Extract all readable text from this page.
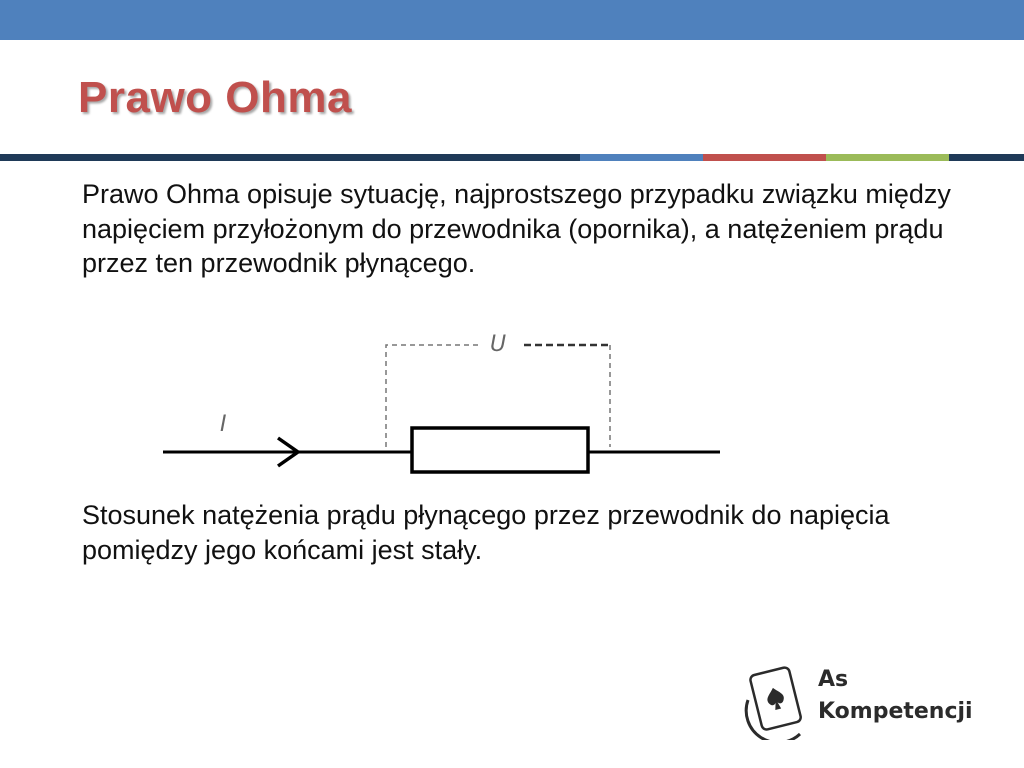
Prawo Ohma

Prawo Ohma opisuje sytuację, najprostszego przypadku związku między napięciem przyłożonym do przewodnika (opornika), a natężeniem prądu przez ten przewodnik płynącego.

U
I

Stosunek natężenia prądu płynącego przez przewodnik do napięcia pomiędzy jego końcami jest stały.

As
Kompetencji
